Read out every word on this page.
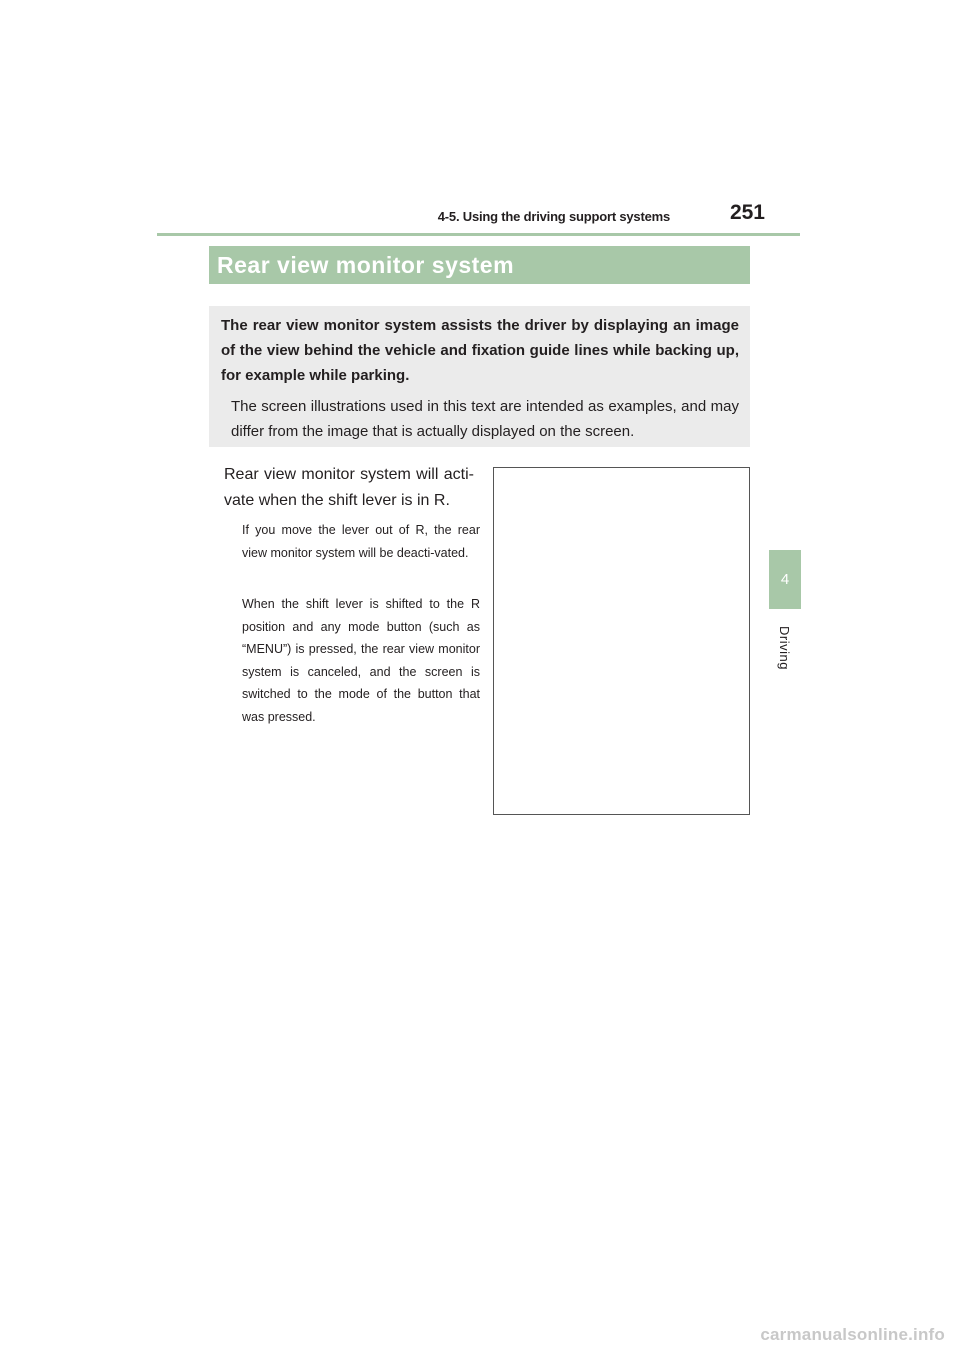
4-5. Using the driving support systems	251
Rear view monitor system

The rear view monitor system assists the driver by displaying an image of the view behind the vehicle and fixation guide lines while backing up, for example while parking.

The screen illustrations used in this text are intended as examples, and may differ from the image that is actually displayed on the screen.

Rear view monitor system will acti-vate when the shift lever is in R.

If you move the lever out of R, the rear view monitor system will be deacti-vated.

When the shift lever is shifted to the R position and any mode button (such as “MENU”) is pressed, the rear view monitor system is canceled, and the screen is switched to the mode of the button that was pressed.

4
Driving
carmanualsonline.info
